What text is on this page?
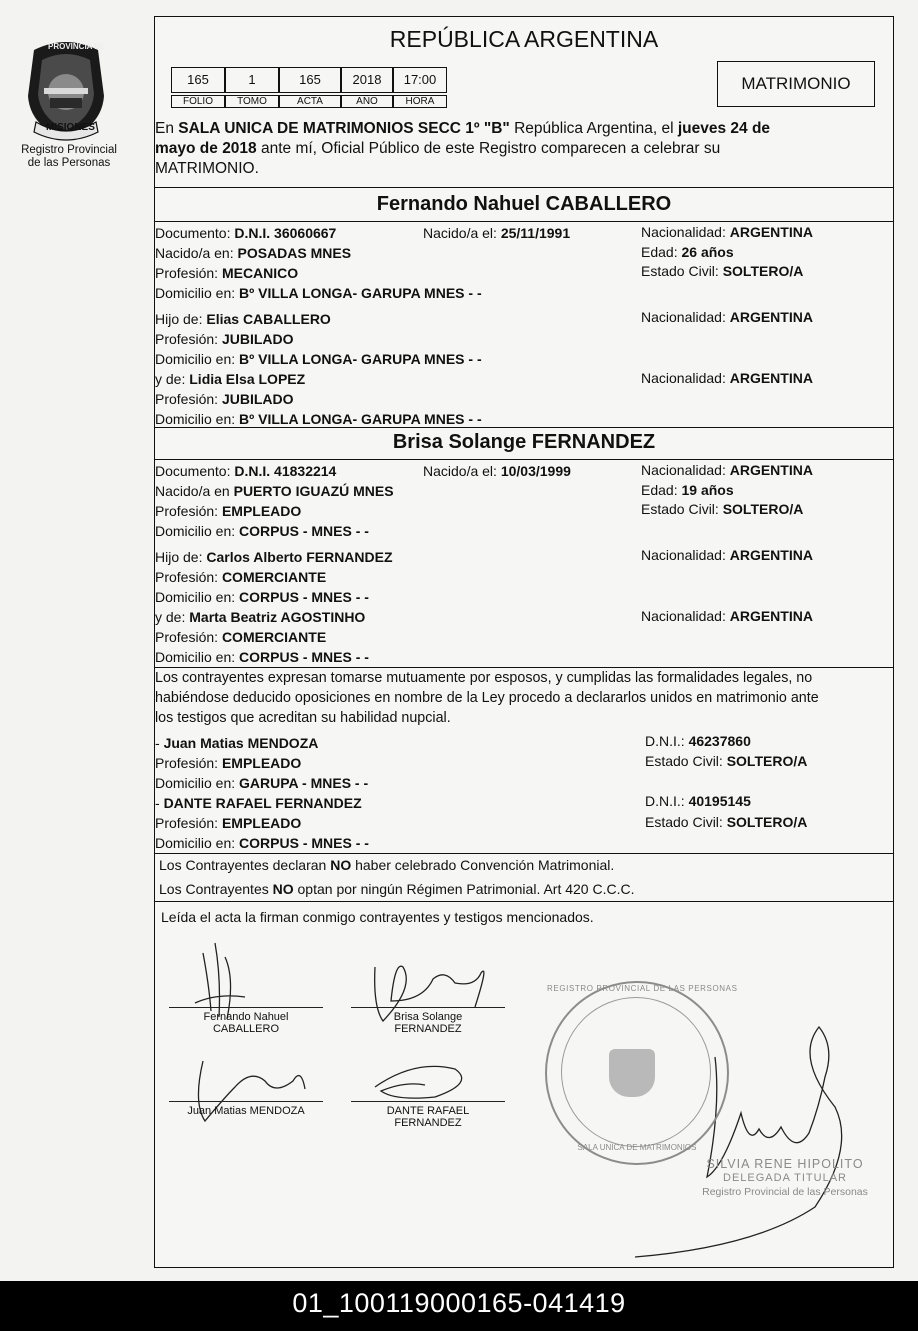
PROVINCIA DE
MISIONES
Registro Provincial
de las Personas
REPÚBLICA ARGENTINA
165	1	165	2018	17:00
FOLIO	TOMO	ACTA	AÑO	HORA
MATRIMONIO
En SALA UNICA DE MATRIMONIOS SECC 1º "B" República Argentina, el jueves 24 de
mayo de 2018 ante mí, Oficial Público de este Registro comparecen a celebrar su
MATRIMONIO.
Fernando Nahuel CABALLERO
Documento: D.N.I. 36060667	Nacido/a el: 25/11/1991	Nacionalidad: ARGENTINA
Nacido/a en: POSADAS MNES	Edad: 26 años
Profesión: MECANICO	Estado Civil: SOLTERO/A
Domicilio en: Bº VILLA LONGA- GARUPA MNES - -
Hijo de: Elias CABALLERO	Nacionalidad: ARGENTINA
Profesión: JUBILADO
Domicilio en: Bº VILLA LONGA- GARUPA MNES - -
y de: Lidia Elsa LOPEZ	Nacionalidad: ARGENTINA
Profesión: JUBILADO
Domicilio en: Bº VILLA LONGA- GARUPA MNES - -
Brisa Solange FERNANDEZ
Documento: D.N.I. 41832214	Nacido/a el: 10/03/1999	Nacionalidad: ARGENTINA
Nacido/a en PUERTO IGUAZÚ MNES	Edad: 19 años
Profesión: EMPLEADO	Estado Civil: SOLTERO/A
Domicilio en: CORPUS - MNES - -
Hijo de: Carlos Alberto FERNANDEZ	Nacionalidad: ARGENTINA
Profesión: COMERCIANTE
Domicilio en: CORPUS - MNES - -
y de: Marta Beatriz AGOSTINHO	Nacionalidad: ARGENTINA
Profesión: COMERCIANTE
Domicilio en: CORPUS - MNES - -
Los contrayentes expresan tomarse mutuamente por esposos, y cumplidas las formalidades legales, no
habiéndose deducido oposiciones en nombre de la Ley procedo a declararlos unidos en matrimonio ante
los testigos que acreditan su habilidad nupcial.
- Juan Matias MENDOZA	D.N.I.: 46237860
Profesión: EMPLEADO	Estado Civil: SOLTERO/A
Domicilio en: GARUPA - MNES - -
- DANTE RAFAEL FERNANDEZ	D.N.I.: 40195145
Profesión: EMPLEADO	Estado Civil: SOLTERO/A
Domicilio en: CORPUS - MNES - -
Los Contrayentes declaran NO haber celebrado Convención Matrimonial.
Los Contrayentes NO optan por ningún Régimen Patrimonial. Art 420 C.C.C.
Leída el acta la firman conmigo contrayentes y testigos mencionados.
Fernando Nahuel
CABALLERO
Brisa Solange
FERNANDEZ
Juan Matias MENDOZA	DANTE RAFAEL
FERNANDEZ
REGISTRO PROVINCIAL DE LAS PERSONAS
SALA UNICA DE MATRIMONIOS
SILVIA RENE HIPOLITO
DELEGADA TITULAR
Registro Provincial de las Personas
01_100119000165-041419
